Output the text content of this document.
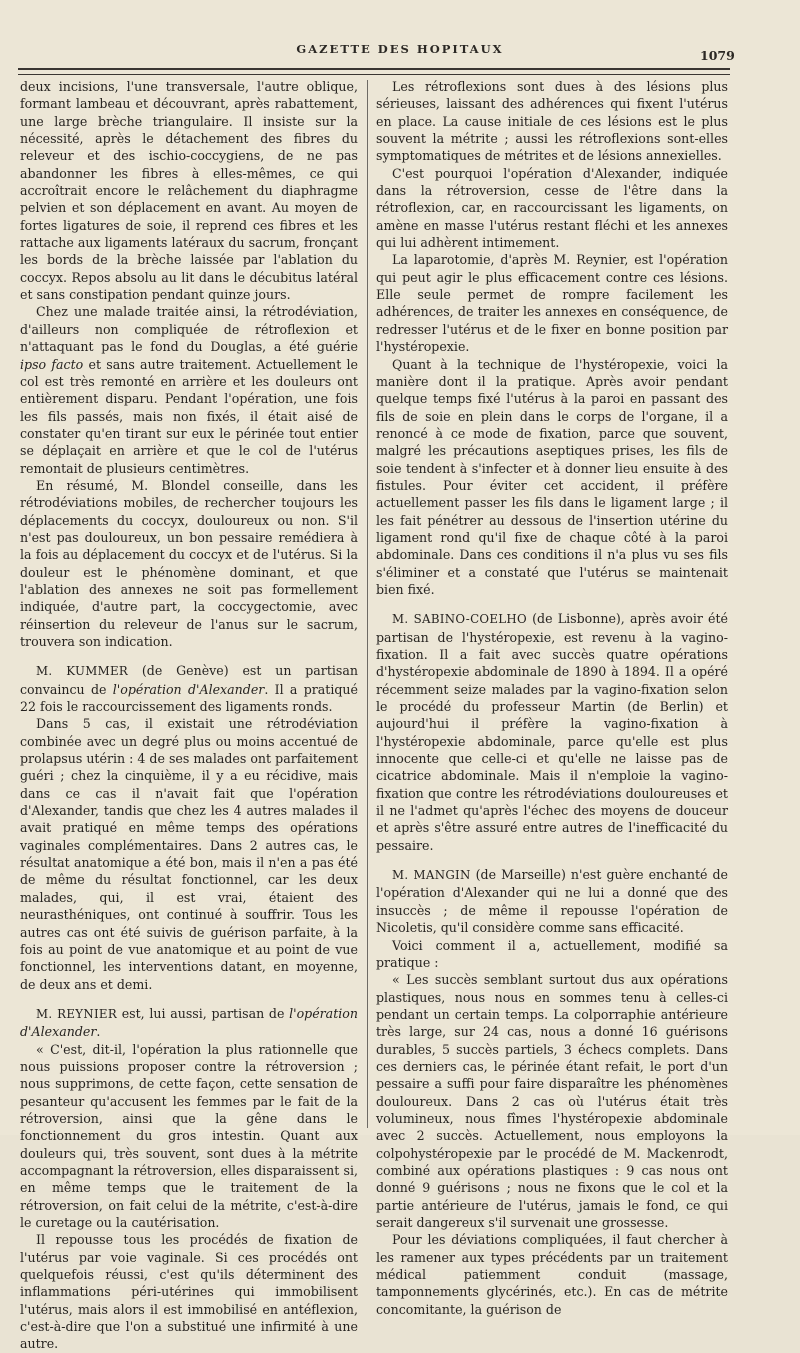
GAZETTE DES HOPITAUX	1079

deux incisions, l'une transversale, l'autre oblique, formant lambeau et découvrant, après rabattement, une large brèche triangulaire. Il insiste sur la nécessité, après le détachement des fibres du releveur et des ischio-coccygiens, de ne pas abandonner les fibres à elles-mêmes, ce qui accroîtrait encore le relâchement du diaphragme pelvien et son déplacement en avant. Au moyen de fortes ligatures de soie, il reprend ces fibres et les rattache aux ligaments latéraux du sacrum, fronçant les bords de la brèche laissée par l'ablation du coccyx. Repos absolu au lit dans le décubitus latéral et sans constipation pendant quinze jours.

Chez une malade traitée ainsi, la rétrodéviation, d'ailleurs non compliquée de rétroflexion et n'attaquant pas le fond du Douglas, a été guérie ipso facto et sans autre traitement. Actuellement le col est très remonté en arrière et les douleurs ont entièrement disparu. Pendant l'opération, une fois les fils passés, mais non fixés, il était aisé de constater qu'en tirant sur eux le périnée tout entier se déplaçait en arrière et que le col de l'utérus remontait de plusieurs centimètres.

En résumé, M. Blondel conseille, dans les rétrodéviations mobiles, de rechercher toujours les déplacements du coccyx, douloureux ou non. S'il n'est pas douloureux, un bon pessaire remédiera à la fois au déplacement du coccyx et de l'utérus. Si la douleur est le phénomène dominant, et que l'ablation des annexes ne soit pas formellement indiquée, d'autre part, la coccygectomie, avec réinsertion du releveur de l'anus sur le sacrum, trouvera son indication.

M. KUMMER (de Genève) est un partisan convaincu de l'opération d'Alexander. Il a pratiqué 22 fois le raccourcissement des ligaments ronds.

Dans 5 cas, il existait une rétrodéviation combinée avec un degré plus ou moins accentué de prolapsus utérin : 4 de ses malades ont parfaitement guéri ; chez la cinquième, il y a eu récidive, mais dans ce cas il n'avait fait que l'opération d'Alexander, tandis que chez les 4 autres malades il avait pratiqué en même temps des opérations vaginales complémentaires. Dans 2 autres cas, le résultat anatomique a été bon, mais il n'en a pas été de même du résultat fonctionnel, car les deux malades, qui, il est vrai, étaient des neurasthéniques, ont continué à souffrir. Tous les autres cas ont été suivis de guérison parfaite, à la fois au point de vue anatomique et au point de vue fonctionnel, les interventions datant, en moyenne, de deux ans et demi.

M. REYNIER est, lui aussi, partisan de l'opération d'Alexander.

« C'est, dit-il, l'opération la plus rationnelle que nous puissions proposer contre la rétroversion ; nous supprimons, de cette façon, cette sensation de pesanteur qu'accusent les femmes par le fait de la rétroversion, ainsi que la gêne dans le fonctionnement du gros intestin. Quant aux douleurs qui, très souvent, sont dues à la métrite accompagnant la rétroversion, elles disparaissent si, en même temps que le traitement de la rétroversion, on fait celui de la métrite, c'est-à-dire le curetage ou la cautérisation.

Il repousse tous les procédés de fixation de l'utérus par voie vaginale. Si ces procédés ont quelquefois réussi, c'est qu'ils déterminent des inflammations péri-utérines qui immobilisent l'utérus, mais alors il est immobilisé en antéflexion, c'est-à-dire que l'on a substitué une infirmité à une autre.

Les rétroflexions sont dues à des lésions plus sérieuses, laissant des adhérences qui fixent l'utérus en place. La cause initiale de ces lésions est le plus souvent la métrite ; aussi les rétroflexions sont-elles symptomatiques de métrites et de lésions annexielles.

C'est pourquoi l'opération d'Alexander, indiquée dans la rétroversion, cesse de l'être dans la rétroflexion, car, en raccourcissant les ligaments, on amène en masse l'utérus restant fléchi et les annexes qui lui adhèrent intimement.

La laparotomie, d'après M. Reynier, est l'opération qui peut agir le plus efficacement contre ces lésions. Elle seule permet de rompre facilement les adhérences, de traiter les annexes en conséquence, de redresser l'utérus et de le fixer en bonne position par l'hystéropexie.

Quant à la technique de l'hystéropexie, voici la manière dont il la pratique. Après avoir pendant quelque temps fixé l'utérus à la paroi en passant des fils de soie en plein dans le corps de l'organe, il a renoncé à ce mode de fixation, parce que souvent, malgré les précautions aseptiques prises, les fils de soie tendent à s'infecter et à donner lieu ensuite à des fistules. Pour éviter cet accident, il préfère actuellement passer les fils dans le ligament large ; il les fait pénétrer au dessous de l'insertion utérine du ligament rond qu'il fixe de chaque côté à la paroi abdominale. Dans ces conditions il n'a plus vu ses fils s'éliminer et a constaté que l'utérus se maintenait bien fixé.

M. SABINO-COELHO (de Lisbonne), après avoir été partisan de l'hystéropexie, est revenu à la vagino-fixation. Il a fait avec succès quatre opérations d'hystéropexie abdominale de 1890 à 1894. Il a opéré récemment seize malades par la vagino-fixation selon le procédé du professeur Martin (de Berlin) et aujourd'hui il préfère la vagino-fixation à l'hystéropexie abdominale, parce qu'elle est plus innocente que celle-ci et qu'elle ne laisse pas de cicatrice abdominale. Mais il n'emploie la vagino-fixation que contre les rétrodéviations douloureuses et il ne l'admet qu'après l'échec des moyens de douceur et après s'être assuré entre autres de l'inefficacité du pessaire.

M. MANGIN (de Marseille) n'est guère enchanté de l'opération d'Alexander qui ne lui a donné que des insuccès ; de même il repousse l'opération de Nicoletis, qu'il considère comme sans efficacité.

Voici comment il a, actuellement, modifié sa pratique :

« Les succès semblant surtout dus aux opérations plastiques, nous nous en sommes tenu à celles-ci pendant un certain temps. La colporraphie antérieure très large, sur 24 cas, nous a donné 16 guérisons durables, 5 succès partiels, 3 échecs complets. Dans ces derniers cas, le périnée étant refait, le port d'un pessaire a suffi pour faire disparaître les phénomènes douloureux. Dans 2 cas où l'utérus était très volumineux, nous fîmes l'hystéropexie abdominale avec 2 succès. Actuellement, nous employons la colpohystéropexie par le procédé de M. Mackenrodt, combiné aux opérations plastiques : 9 cas nous ont donné 9 guérisons ; nous ne fixons que le col et la partie antérieure de l'utérus, jamais le fond, ce qui serait dangereux s'il survenait une grossesse.

Pour les déviations compliquées, il faut chercher à les ramener aux types précédents par un traitement médical patiemment conduit (massage, tamponnements glycérinés, etc.). En cas de métrite concomitante, la guérison de
